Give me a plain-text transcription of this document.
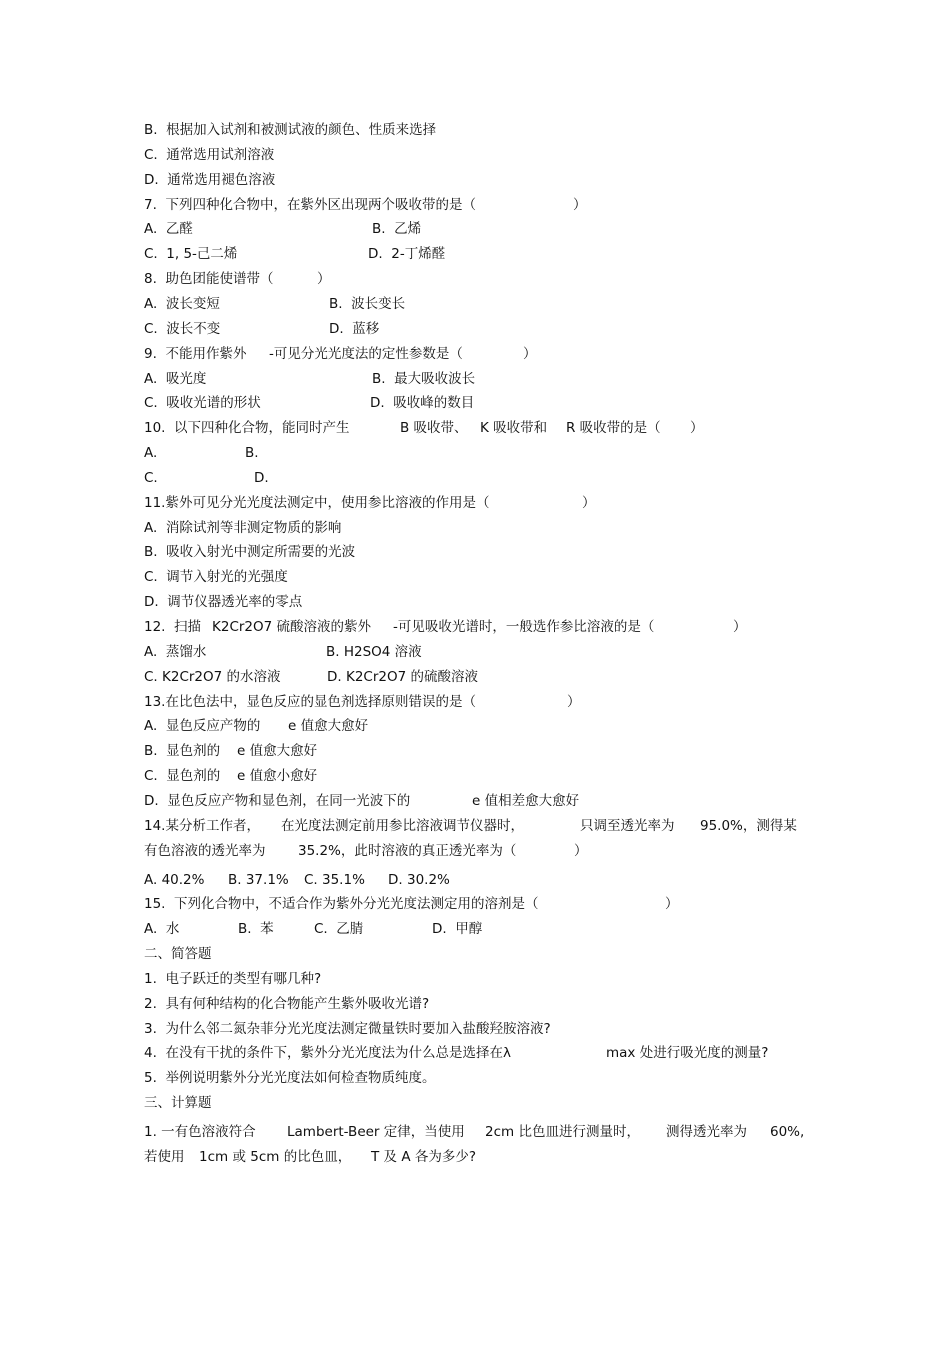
B.  根据加入试剂和被测试液的颜色、性质来选择
C.  通常选用试剂溶液
D.  通常选用褪色溶液
7.  下列四种化合物中，在紫外区出现两个吸收带的是（	）
A.  乙醛	B.  乙烯
C.  1, 5-己二烯	D.  2-丁烯醛
8.  助色团能使谱带（	）
A.  波长变短	B.  波长变长
C.  波长不变	D.  蓝移
9.  不能用作紫外 -可见分光光度法的定性参数是（	）
A.  吸光度	B.  最大吸收波长
C.  吸收光谱的形状	D.  吸收峰的数目
10.  以下四种化合物，能同时产生	B 吸收带、 K 吸收带和 R 吸收带的是（ ）
A.	B.
C.	D.
11.紫外可见分光光度法测定中，使用参比溶液的作用是（	）
A.  消除试剂等非测定物质的影响
B.  吸收入射光中测定所需要的光波
C.  调节入射光的光强度
D.  调节仪器透光率的零点
12.  扫描 K2Cr2O7 硫酸溶液的紫外 -可见吸收光谱时，一般选作参比溶液的是（	）
A.  蒸馏水	B. H2SO4 溶液
C. K2Cr2O7 的水溶液	D. K2Cr2O7 的硫酸溶液
13.在比色法中，显色反应的显色剂选择原则错误的是（	）
A.  显色反应产物的 e 值愈大愈好
B.  显色剂的 e 值愈大愈好
C.  显色剂的 e 值愈小愈好
D.  显色反应产物和显色剂，在同一光波下的	e 值相差愈大愈好
14.某分析工作者， 在光度法测定前用参比溶液调节仪器时，	只调至透光率为 95.0%，测得某
有色溶液的透光率为 35.2%，此时溶液的真正透光率为（	）
A. 40.2% B. 37.1% C. 35.1% D. 30.2%
15.  下列化合物中，不适合作为紫外分光光度法测定用的溶剂是（	）
A.  水	B.  苯	C.  乙腈	D.  甲醇
二、简答题
1.  电子跃迁的类型有哪几种?
2.  具有何种结构的化合物能产生紫外吸收光谱?
3.  为什么邻二氮杂菲分光光度法测定微量铁时要加入盐酸羟胺溶液?
4.  在没有干扰的条件下，紫外分光光度法为什么总是选择在λ	max 处进行吸光度的测量?
5.  举例说明紫外分光光度法如何检查物质纯度。
三、计算题
1. 一有色溶液符合 Lambert-Beer 定律，当使用 2cm 比色皿进行测量时， 测得透光率为 60%,
若使用 1cm 或 5cm 的比色皿， T 及 A 各为多少?
